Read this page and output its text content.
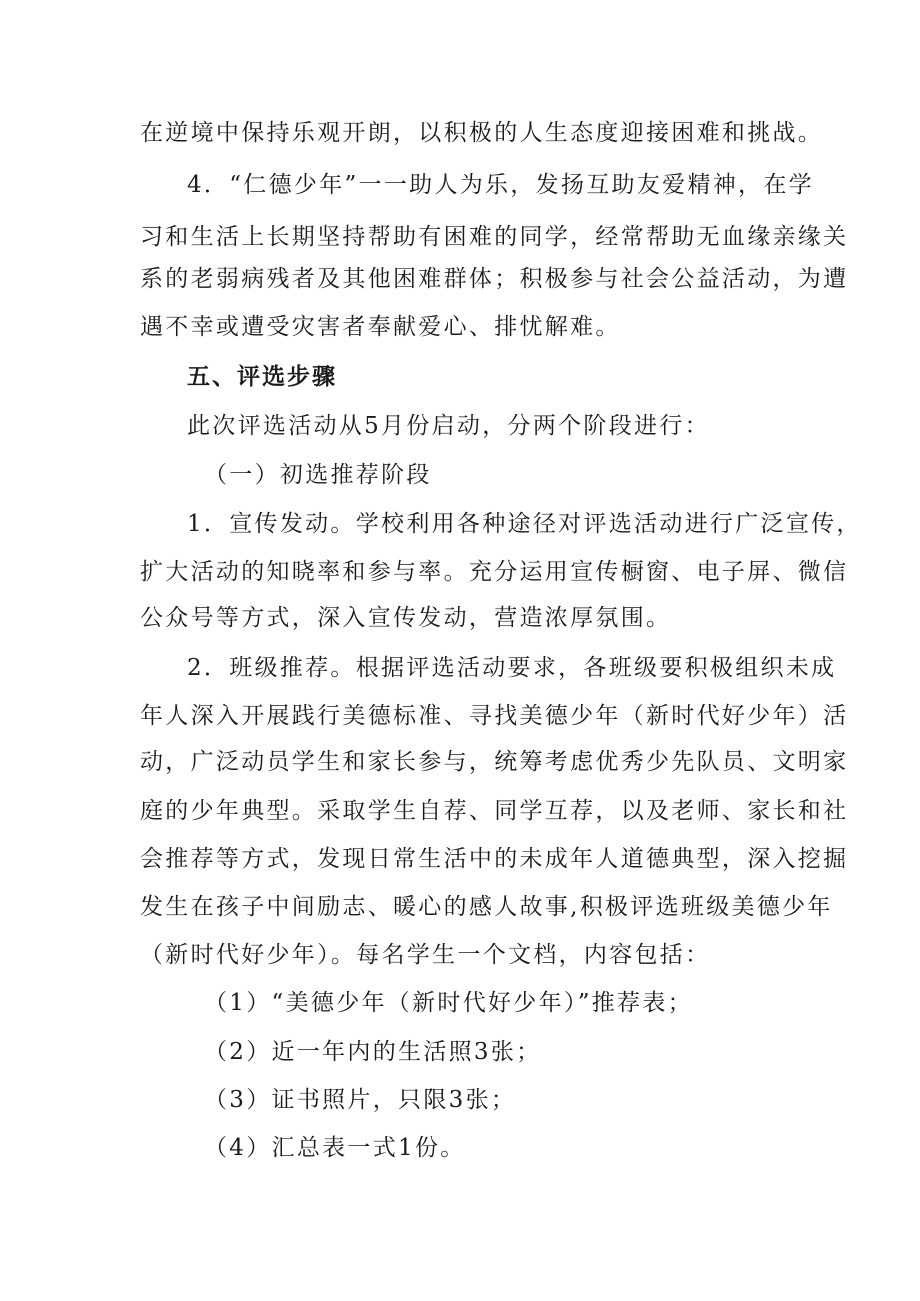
在逆境中保持乐观开朗，以积极的人生态度迎接困难和挑战。
4．“仁德少年”一一助人为乐，发扬互助友爱精神，在学
习和生活上长期坚持帮助有困难的同学，经常帮助无血缘亲缘关
系的老弱病残者及其他困难群体；积极参与社会公益活动，为遭
遇不幸或遭受灾害者奉献爱心、排忧解难。
五、评选步骤
此次评选活动从5月份启动，分两个阶段进行：
（一）初选推荐阶段
1．宣传发动。学校利用各种途径对评选活动进行广泛宣传，
扩大活动的知晓率和参与率。充分运用宣传橱窗、电子屏、微信
公众号等方式，深入宣传发动，营造浓厚氛围。
2．班级推荐。根据评选活动要求，各班级要积极组织未成
年人深入开展践行美德标准、寻找美德少年（新时代好少年）活
动，广泛动员学生和家长参与，统筹考虑优秀少先队员、文明家
庭的少年典型。采取学生自荐、同学互荐，以及老师、家长和社
会推荐等方式，发现日常生活中的未成年人道德典型，深入挖掘
发生在孩子中间励志、暖心的感人故事,积极评选班级美德少年
（新时代好少年）。每名学生一个文档，内容包括：
（1）“美德少年（新时代好少年）”推荐表；
（2）近一年内的生活照3张；
（3）证书照片，只限3张；
（4）汇总表一式1份。
